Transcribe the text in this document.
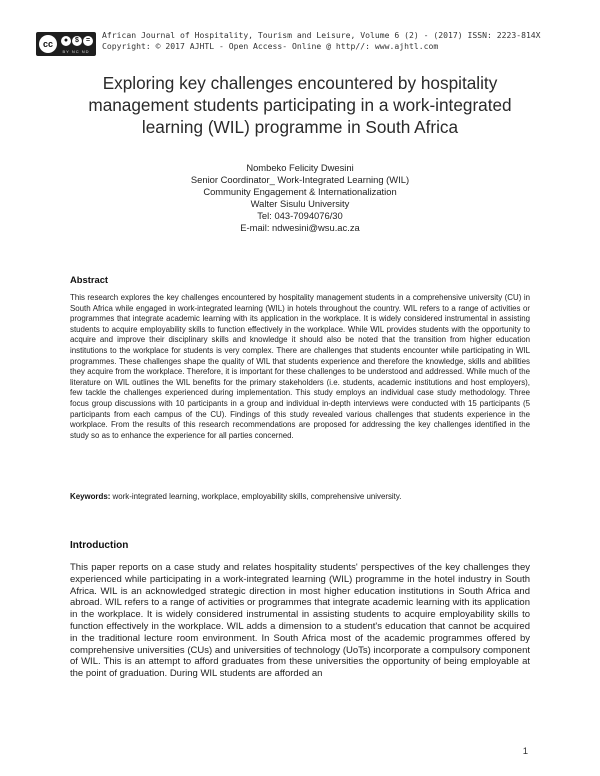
cc	● $	=
BY NC ND
African Journal of Hospitality, Tourism and Leisure, Volume 6 (2) - (2017) ISSN: 2223-814X
Copyright: © 2017 AJHTL - Open Access- Online @ http//: www.ajhtl.com
Exploring key challenges encountered by hospitality management students participating in a work-integrated learning (WIL) programme in South Africa
Nombeko Felicity Dwesini
Senior Coordinator_ Work-Integrated Learning (WIL)
Community Engagement & Internationalization
Walter Sisulu University
Tel: 043-7094076/30
E-mail: ndwesini@wsu.ac.za
Abstract
This research explores the key challenges encountered by hospitality management students in a comprehensive university (CU) in South Africa while engaged in work-integrated learning (WIL) in hotels throughout the country. WIL refers to a range of activities or programmes that integrate academic learning with its application in the workplace. It is widely considered instrumental in assisting students to acquire employability skills to function effectively in the workplace. While WIL provides students with the opportunity to acquire and improve their disciplinary skills and knowledge it should also be noted that the transition from higher education institutions to the workplace for students is very complex. There are challenges that students encounter while participating in WIL programmes. These challenges shape the quality of WIL that students experience and therefore the knowledge, skills and abilities they acquire from the workplace. Therefore, it is important for these challenges to be understood and addressed. While much of the literature on WIL outlines the WIL benefits for the primary stakeholders (i.e. students, academic institutions and host employers), few tackle the challenges experienced during implementation. This study employs an individual case study methodology. Three focus group discussions with 10 participants in a group and individual in-depth interviews were conducted with 15 participants (5 participants from each campus of the CU). Findings of this study revealed various challenges that students experience in the workplace. From the results of this research recommendations are proposed for addressing the key challenges identified in the study so as to enhance the experience for all parties concerned.
Keywords: work-integrated learning, workplace, employability skills, comprehensive university.
Introduction
This paper reports on a case study and relates hospitality students' perspectives of the key challenges they experienced while participating in a work-integrated learning (WIL) programme in the hotel industry in South Africa. WIL is an acknowledged strategic direction in most higher education institutions in South Africa and abroad. WIL refers to a range of activities or programmes that integrate academic learning with its application in the workplace. It is widely considered instrumental in assisting students to acquire employability skills to function effectively in the workplace. WIL adds a dimension to a student's education that cannot be acquired in the traditional lecture room environment. In South Africa most of the academic programmes offered by comprehensive universities (CUs) and universities of technology (UoTs) incorporate a compulsory component of WIL. This is an attempt to afford graduates from these universities the opportunity of being employable at the point of graduation. During WIL students are afforded an
1
